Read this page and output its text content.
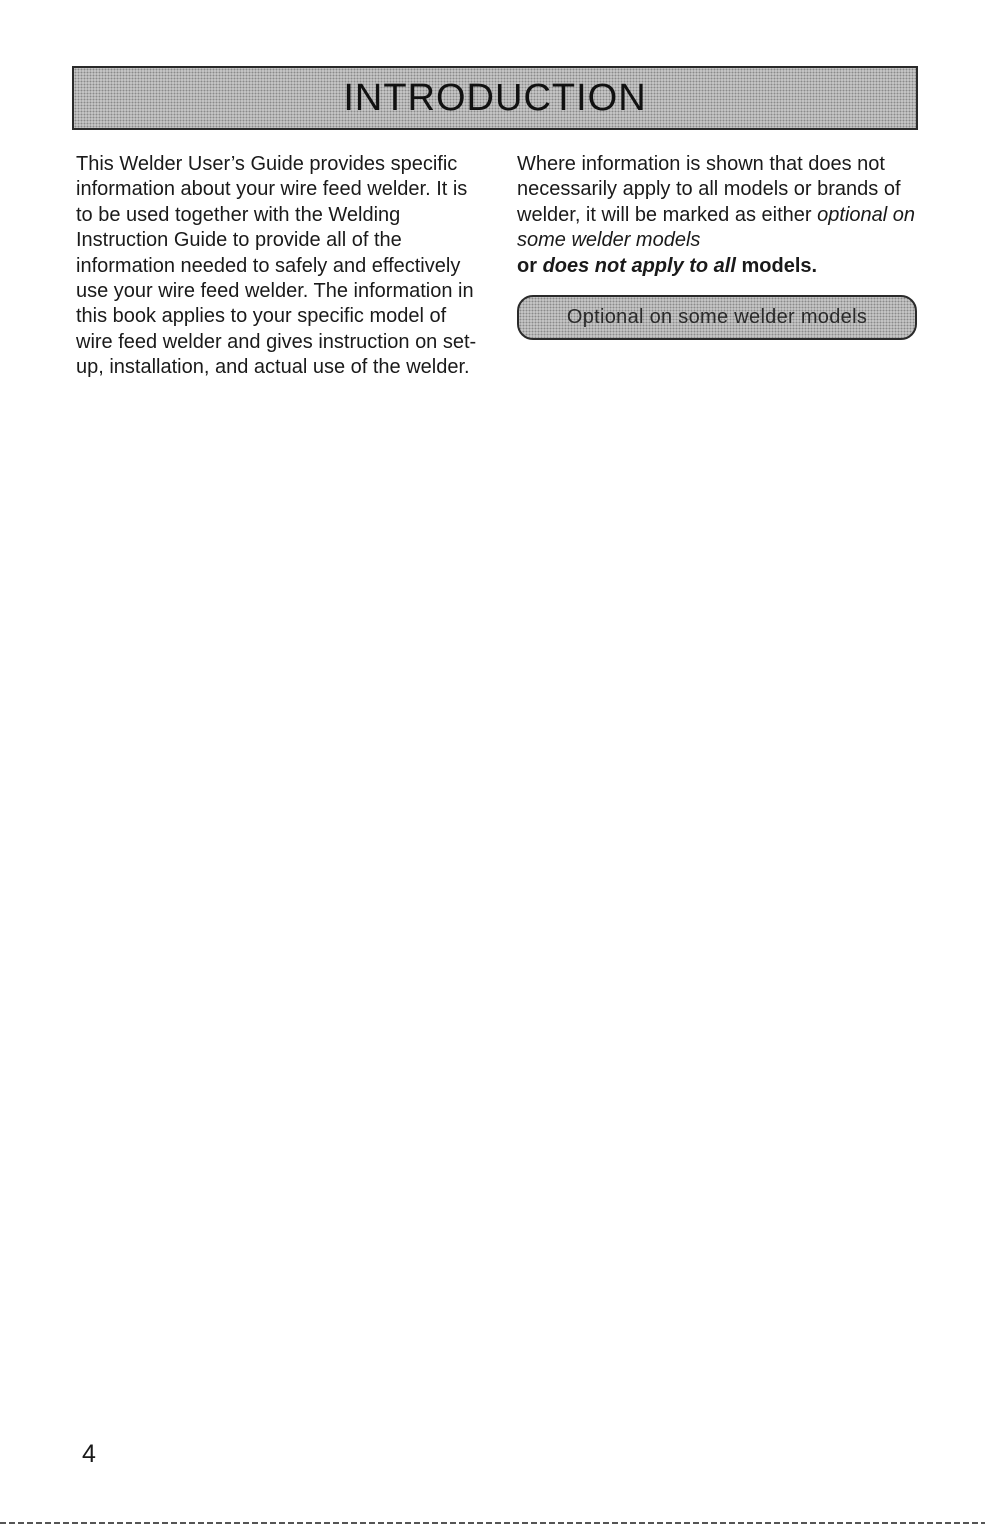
INTRODUCTION

This Welder User’s Guide provides specific information about your wire feed welder. It is to be used together with the Welding Instruction Guide to provide all of the information needed to safely and effectively use your wire feed welder. The information in this book applies to your specific model of wire feed welder and gives instruction on set-up, installation, and actual use of the welder.

Where information is shown that does not necessarily apply to all models or brands of welder, it will be marked as either optional on some welder models
or does not apply to all models.

Optional on some welder models
4
